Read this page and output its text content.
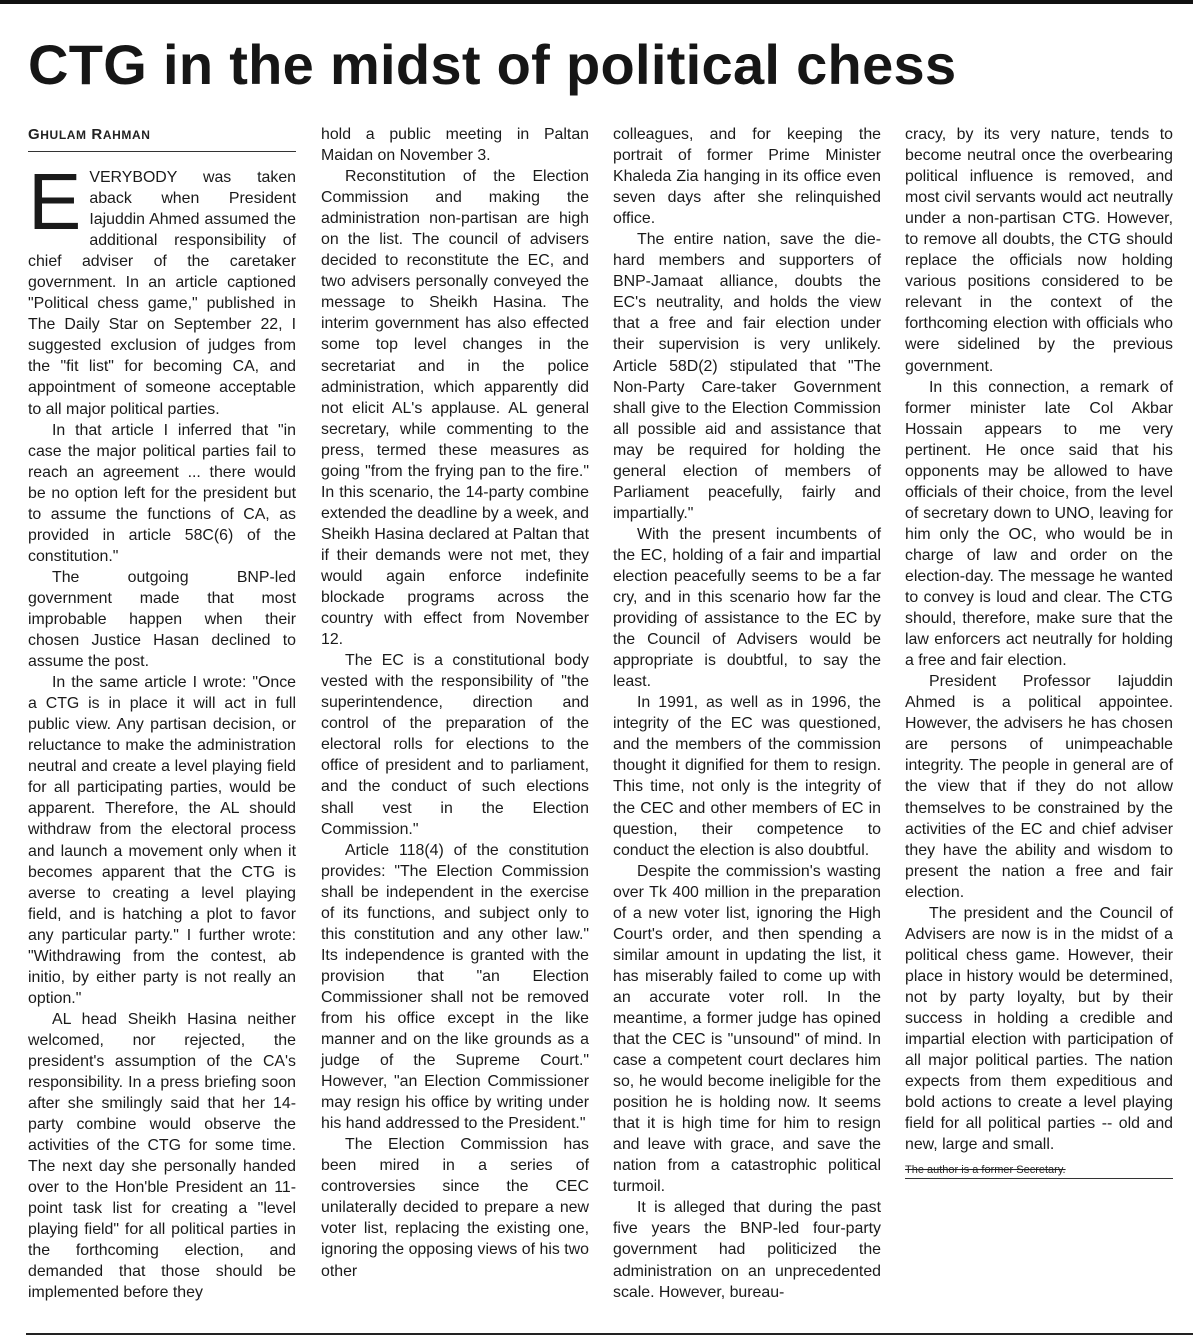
CTG in the midst of political chess
GHULAM RAHMAN
E VERYBODY was taken aback when President Iajuddin Ahmed assumed the additional responsibility of chief adviser of the caretaker government. In an article captioned "Political chess game," published in The Daily Star on September 22, I suggested exclusion of judges from the "fit list" for becoming CA, and appointment of someone acceptable to all major political parties.

In that article I inferred that "in case the major political parties fail to reach an agreement ... there would be no option left for the president but to assume the functions of CA, as provided in article 58C(6) of the constitution."

The outgoing BNP-led government made that most improbable happen when their chosen Justice Hasan declined to assume the post.

In the same article I wrote: "Once a CTG is in place it will act in full public view. Any partisan decision, or reluctance to make the administration neutral and create a level playing field for all participating parties, would be apparent. Therefore, the AL should withdraw from the electoral process and launch a movement only when it becomes apparent that the CTG is averse to creating a level playing field, and is hatching a plot to favor any particular party." I further wrote: "Withdrawing from the contest, ab initio, by either party is not really an option."

AL head Sheikh Hasina neither welcomed, nor rejected, the president's assumption of the CA's responsibility. In a press briefing soon after she smilingly said that her 14-party combine would observe the activities of the CTG for some time. The next day she personally handed over to the Hon'ble President an 11-point task list for creating a "level playing field" for all political parties in the forthcoming election, and demanded that those should be implemented before they

hold a public meeting in Paltan Maidan on November 3.

Reconstitution of the Election Commission and making the administration non-partisan are high on the list. The council of advisers decided to reconstitute the EC, and two advisers personally conveyed the message to Sheikh Hasina. The interim government has also effected some top level changes in the secretariat and in the police administration, which apparently did not elicit AL's applause. AL general secretary, while commenting to the press, termed these measures as going "from the frying pan to the fire." In this scenario, the 14-party combine extended the deadline by a week, and Sheikh Hasina declared at Paltan that if their demands were not met, they would again enforce indefinite blockade programs across the country with effect from November 12.

The EC is a constitutional body vested with the responsibility of "the superintendence, direction and control of the preparation of the electoral rolls for elections to the office of president and to parliament, and the conduct of such elections shall vest in the Election Commission."

Article 118(4) of the constitution provides: "The Election Commission shall be independent in the exercise of its functions, and subject only to this constitution and any other law." Its independence is granted with the provision that "an Election Commissioner shall not be removed from his office except in the like manner and on the like grounds as a judge of the Supreme Court." However, "an Election Commissioner may resign his office by writing under his hand addressed to the President."

The Election Commission has been mired in a series of controversies since the CEC unilaterally decided to prepare a new voter list, replacing the existing one, ignoring the opposing views of his two other

colleagues, and for keeping the portrait of former Prime Minister Khaleda Zia hanging in its office even seven days after she relinquished office.

The entire nation, save the die-hard members and supporters of BNP-Jamaat alliance, doubts the EC's neutrality, and holds the view that a free and fair election under their supervision is very unlikely. Article 58D(2) stipulated that "The Non-Party Care-taker Government shall give to the Election Commission all possible aid and assistance that may be required for holding the general election of members of Parliament peacefully, fairly and impartially."

With the present incumbents of the EC, holding of a fair and impartial election peacefully seems to be a far cry, and in this scenario how far the providing of assistance to the EC by the Council of Advisers would be appropriate is doubtful, to say the least.

In 1991, as well as in 1996, the integrity of the EC was questioned, and the members of the commission thought it dignified for them to resign. This time, not only is the integrity of the CEC and other members of EC in question, their competence to conduct the election is also doubtful.

Despite the commission's wasting over Tk 400 million in the preparation of a new voter list, ignoring the High Court's order, and then spending a similar amount in updating the list, it has miserably failed to come up with an accurate voter roll. In the meantime, a former judge has opined that the CEC is "unsound" of mind. In case a competent court declares him so, he would become ineligible for the position he is holding now. It seems that it is high time for him to resign and leave with grace, and save the nation from a catastrophic political turmoil.

It is alleged that during the past five years the BNP-led four-party government had politicized the administration on an unprecedented scale. However, bureau-

cracy, by its very nature, tends to become neutral once the overbearing political influence is removed, and most civil servants would act neutrally under a non-partisan CTG. However, to remove all doubts, the CTG should replace the officials now holding various positions considered to be relevant in the context of the forthcoming election with officials who were sidelined by the previous government.

In this connection, a remark of former minister late Col Akbar Hossain appears to me very pertinent. He once said that his opponents may be allowed to have officials of their choice, from the level of secretary down to UNO, leaving for him only the OC, who would be in charge of law and order on the election-day. The message he wanted to convey is loud and clear. The CTG should, therefore, make sure that the law enforcers act neutrally for holding a free and fair election.

President Professor Iajuddin Ahmed is a political appointee. However, the advisers he has chosen are persons of unimpeachable integrity. The people in general are of the view that if they do not allow themselves to be constrained by the activities of the EC and chief adviser they have the ability and wisdom to present the nation a free and fair election.

The president and the Council of Advisers are now is in the midst of a political chess game. However, their place in history would be determined, not by party loyalty, but by their success in holding a credible and impartial election with participation of all major political parties. The nation expects from them expeditious and bold actions to create a level playing field for all political parties -- old and new, large and small.

The author is a former Secretary.
